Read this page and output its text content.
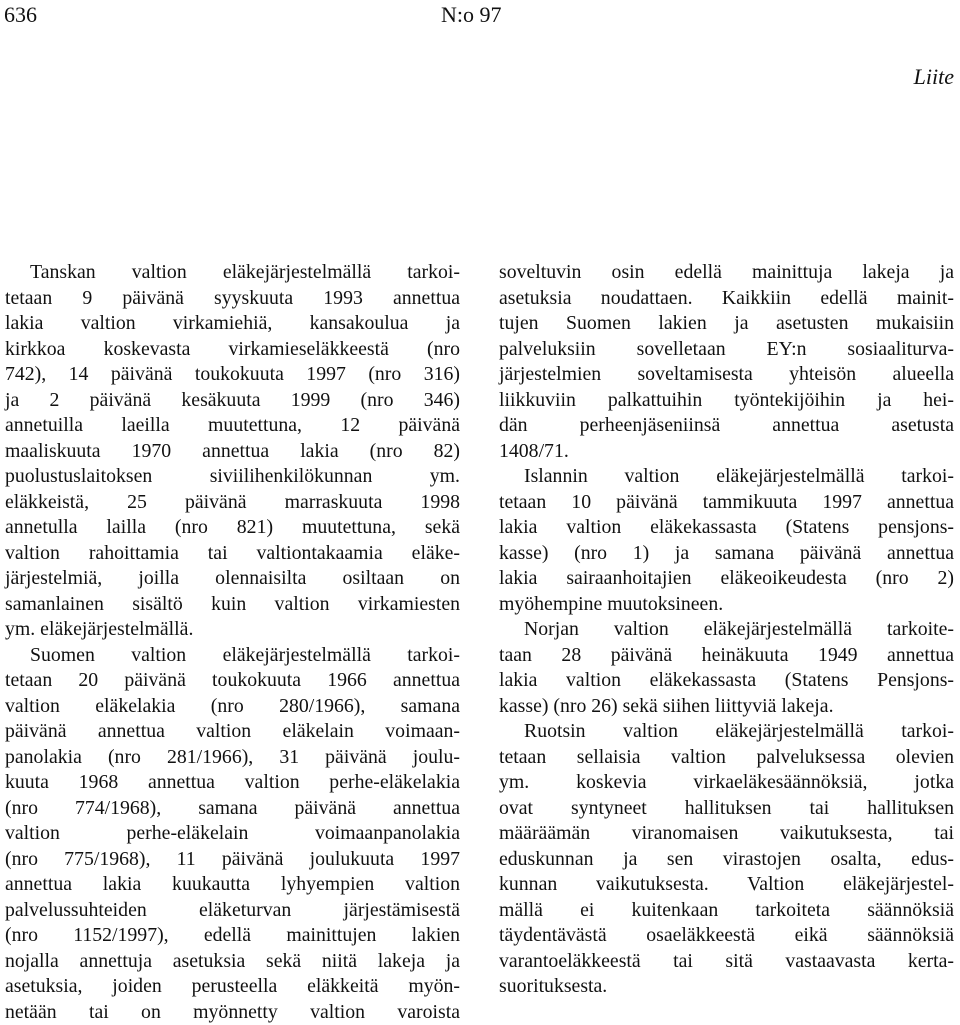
636	N:o 97
Liite
Tanskan valtion eläkejärjestelmällä tarkoi-
tetaan 9 päivänä syyskuuta 1993 annettua
lakia valtion virkamiehiä, kansakoulua ja
kirkkoa koskevasta virkamieseläkkeestä (nro
742), 14 päivänä toukokuuta 1997 (nro 316)
ja 2 päivänä kesäkuuta 1999 (nro 346)
annetuilla laeilla muutettuna, 12 päivänä
maaliskuuta 1970 annettua lakia (nro 82)
puolustuslaitoksen siviilihenkilökunnan ym.
eläkkeistä, 25 päivänä marraskuuta 1998
annetulla lailla (nro 821) muutettuna, sekä
valtion rahoittamia tai valtiontakaamia eläke-
järjestelmiä, joilla olennaisilta osiltaan on
samanlainen sisältö kuin valtion virkamiesten
ym. eläkejärjestelmällä.
Suomen valtion eläkejärjestelmällä tarkoi-
tetaan 20 päivänä toukokuuta 1966 annettua
valtion eläkelakia (nro 280/1966), samana
päivänä annettua valtion eläkelain voimaan-
panolakia (nro 281/1966), 31 päivänä joulu-
kuuta 1968 annettua valtion perhe-eläkelakia
(nro 774/1968), samana päivänä annettua
valtion perhe-eläkelain voimaanpanolakia
(nro 775/1968), 11 päivänä joulukuuta 1997
annettua lakia kuukautta lyhyempien valtion
palvelussuhteiden eläketurvan järjestämisestä
(nro 1152/1997), edellä mainittujen lakien
nojalla annettuja asetuksia sekä niitä lakeja ja
asetuksia, joiden perusteella eläkkeitä myön-
netään tai on myönnetty valtion varoista
soveltuvin osin edellä mainittuja lakeja ja
asetuksia noudattaen. Kaikkiin edellä mainit-
tujen Suomen lakien ja asetusten mukaisiin
palveluksiin sovelletaan EY:n sosiaaliturva-
järjestelmien soveltamisesta yhteisön alueella
liikkuviin palkattuihin työntekijöihin ja hei-
dän perheenjäseniinsä annettua asetusta
1408/71.
Islannin valtion eläkejärjestelmällä tarkoi-
tetaan 10 päivänä tammikuuta 1997 annettua
lakia valtion eläkekassasta (Statens pensjons-
kasse) (nro 1) ja samana päivänä annettua
lakia sairaanhoitajien eläkeoikeudesta (nro 2)
myöhempine muutoksineen.
Norjan valtion eläkejärjestelmällä tarkoite-
taan 28 päivänä heinäkuuta 1949 annettua
lakia valtion eläkekassasta (Statens Pensjons-
kasse) (nro 26) sekä siihen liittyviä lakeja.
Ruotsin valtion eläkejärjestelmällä tarkoi-
tetaan sellaisia valtion palveluksessa olevien
ym. koskevia virkaeläkesäännöksiä, jotka
ovat syntyneet hallituksen tai hallituksen
määräämän viranomaisen vaikutuksesta, tai
eduskunnan ja sen virastojen osalta, edus-
kunnan vaikutuksesta. Valtion eläkejärjestel-
mällä ei kuitenkaan tarkoiteta säännöksiä
täydentävästä osaeläkkeestä eikä säännöksiä
varantoeläkkeestä tai sitä vastaavasta kerta-
suorituksesta.
